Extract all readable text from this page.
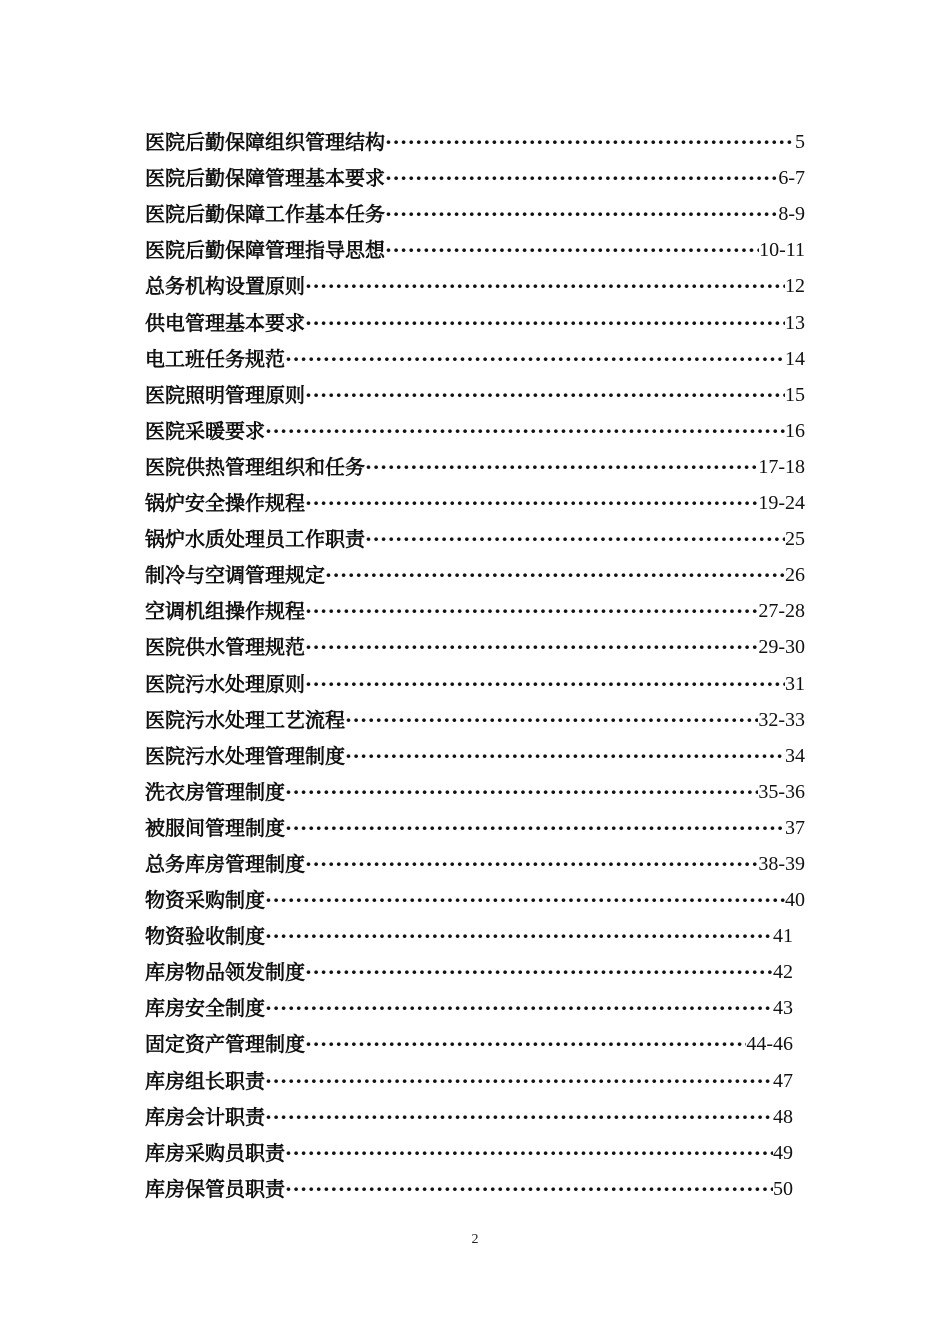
医院后勤保障组织管理结构 ·····	5
医院后勤保障管理基本要求 ·····	6-7
医院后勤保障工作基本任务 ·····	8-9
医院后勤保障管理指导思想 ·····	10-11
总务机构设置原则 ·····	12
供电管理基本要求 ·····	13
电工班任务规范 ·····	14
医院照明管理原则 ·····	15
医院采暖要求 ·····	16
医院供热管理组织和任务 ·····	17-18
锅炉安全操作规程 ·····	19-24
锅炉水质处理员工作职责 ·····	25
制冷与空调管理规定 ·····	26
空调机组操作规程 ·····	27-28
医院供水管理规范 ·····	29-30
医院污水处理原则 ·····	31
医院污水处理工艺流程 ·····	32-33
医院污水处理管理制度 ·····	34
洗衣房管理制度 ·····	35-36
被服间管理制度 ·····	37
总务库房管理制度 ·····	38-39
物资采购制度 ·····	40
物资验收制度 ·····	41
库房物品领发制度 ·····	42
库房安全制度 ·····	43
固定资产管理制度 ·····	44-46
库房组长职责 ·····	47
库房会计职责 ·····	48
库房采购员职责 ·····	49
库房保管员职责 ·····	50
2
